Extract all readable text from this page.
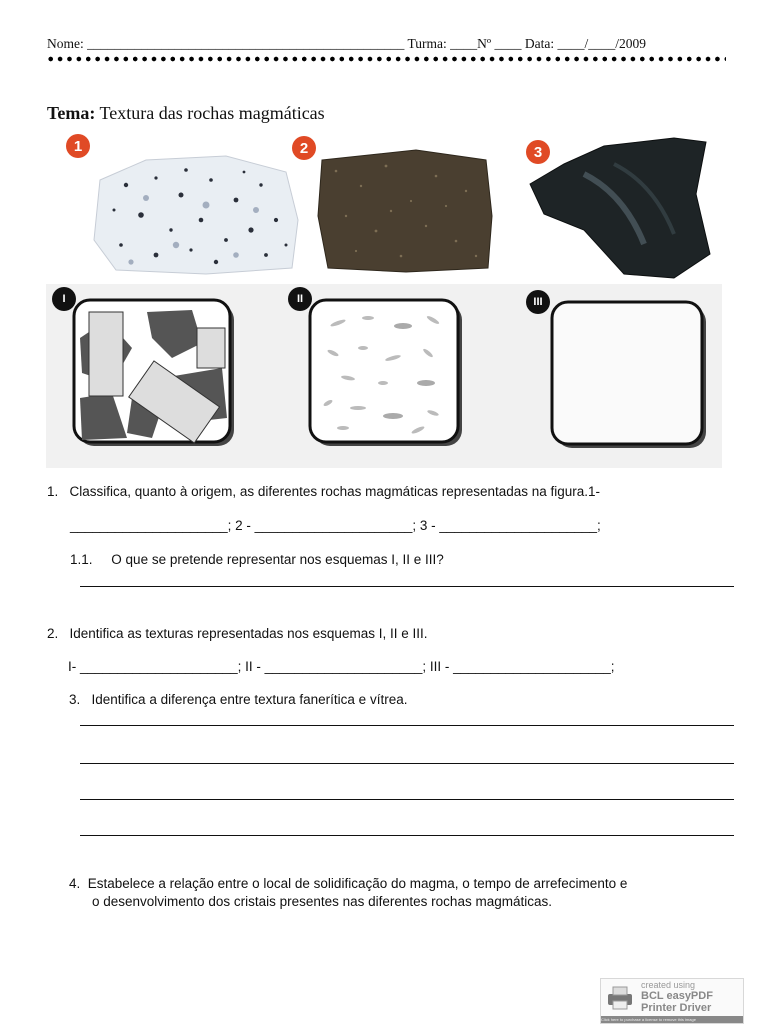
Nome: _______________________________________________ Turma: ____Nº ____ Data: ____/____/2009
Tema: Textura das rochas magmáticas
1	2	3
I	II	III
1. Classifica, quanto à origem, as diferentes rochas magmáticas representadas na figura.1-
_____________________; 2 - _____________________; 3 - _____________________;
1.1. O que se pretende representar nos esquemas I, II e III?
2. Identifica as texturas representadas nos esquemas I, II e III.
I- _____________________; II - _____________________; III - _____________________;
3. Identifica a diferença entre textura fanerítica e vítrea.
4. Estabelece a relação entre o local de solidificação do magma, o tempo de arrefecimento e
o desenvolvimento dos cristais presentes nas diferentes rochas magmáticas.
created using
BCL easyPDF
Printer Driver
Click here to purchase a license to remove this image
